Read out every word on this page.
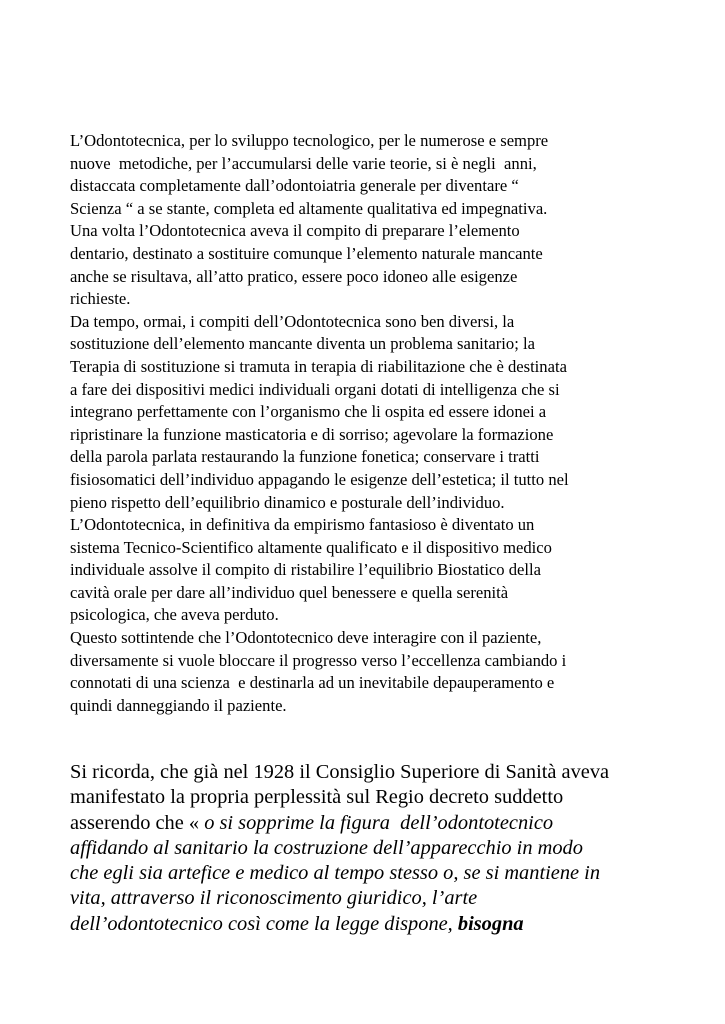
L’Odontotecnica, per lo sviluppo tecnologico, per le numerose e sempre
nuove  metodiche, per l’accumularsi delle varie teorie, si è negli  anni,
distaccata completamente dall’odontoiatria generale per diventare “
Scienza “ a se stante, completa ed altamente qualitativa ed impegnativa.
Una volta l’Odontotecnica aveva il compito di preparare l’elemento
dentario, destinato a sostituire comunque l’elemento naturale mancante
anche se risultava, all’atto pratico, essere poco idoneo alle esigenze
richieste.
Da tempo, ormai, i compiti dell’Odontotecnica sono ben diversi, la
sostituzione dell’elemento mancante diventa un problema sanitario; la
Terapia di sostituzione si tramuta in terapia di riabilitazione che è destinata
a fare dei dispositivi medici individuali organi dotati di intelligenza che si
integrano perfettamente con l’organismo che li ospita ed essere idonei a
ripristinare la funzione masticatoria e di sorriso; agevolare la formazione
della parola parlata restaurando la funzione fonetica; conservare i tratti
fisiosomatici dell’individuo appagando le esigenze dell’estetica; il tutto nel
pieno rispetto dell’equilibrio dinamico e posturale dell’individuo.
L’Odontotecnica, in definitiva da empirismo fantasioso è diventato un
sistema Tecnico-Scientifico altamente qualificato e il dispositivo medico
individuale assolve il compito di ristabilire l’equilibrio Biostatico della
cavità orale per dare all’individuo quel benessere e quella serenità
psicologica, che aveva perduto.
Questo sottintende che l’Odontotecnico deve interagire con il paziente,
diversamente si vuole bloccare il progresso verso l’eccellenza cambiando i
connotati di una scienza  e destinarla ad un inevitabile depauperamento e
quindi danneggiando il paziente.
Si ricorda, che già nel 1928 il Consiglio Superiore di Sanità aveva
manifestato la propria perplessità sul Regio decreto suddetto
asserendo che « o si sopprime la figura  dell’odontotecnico
affidando al sanitario la costruzione dell’apparecchio in modo
che egli sia artefice e medico al tempo stesso o, se si mantiene in
vita, attraverso il riconoscimento giuridico, l’arte
dell’odontotecnico così come la legge dispone, bisogna
